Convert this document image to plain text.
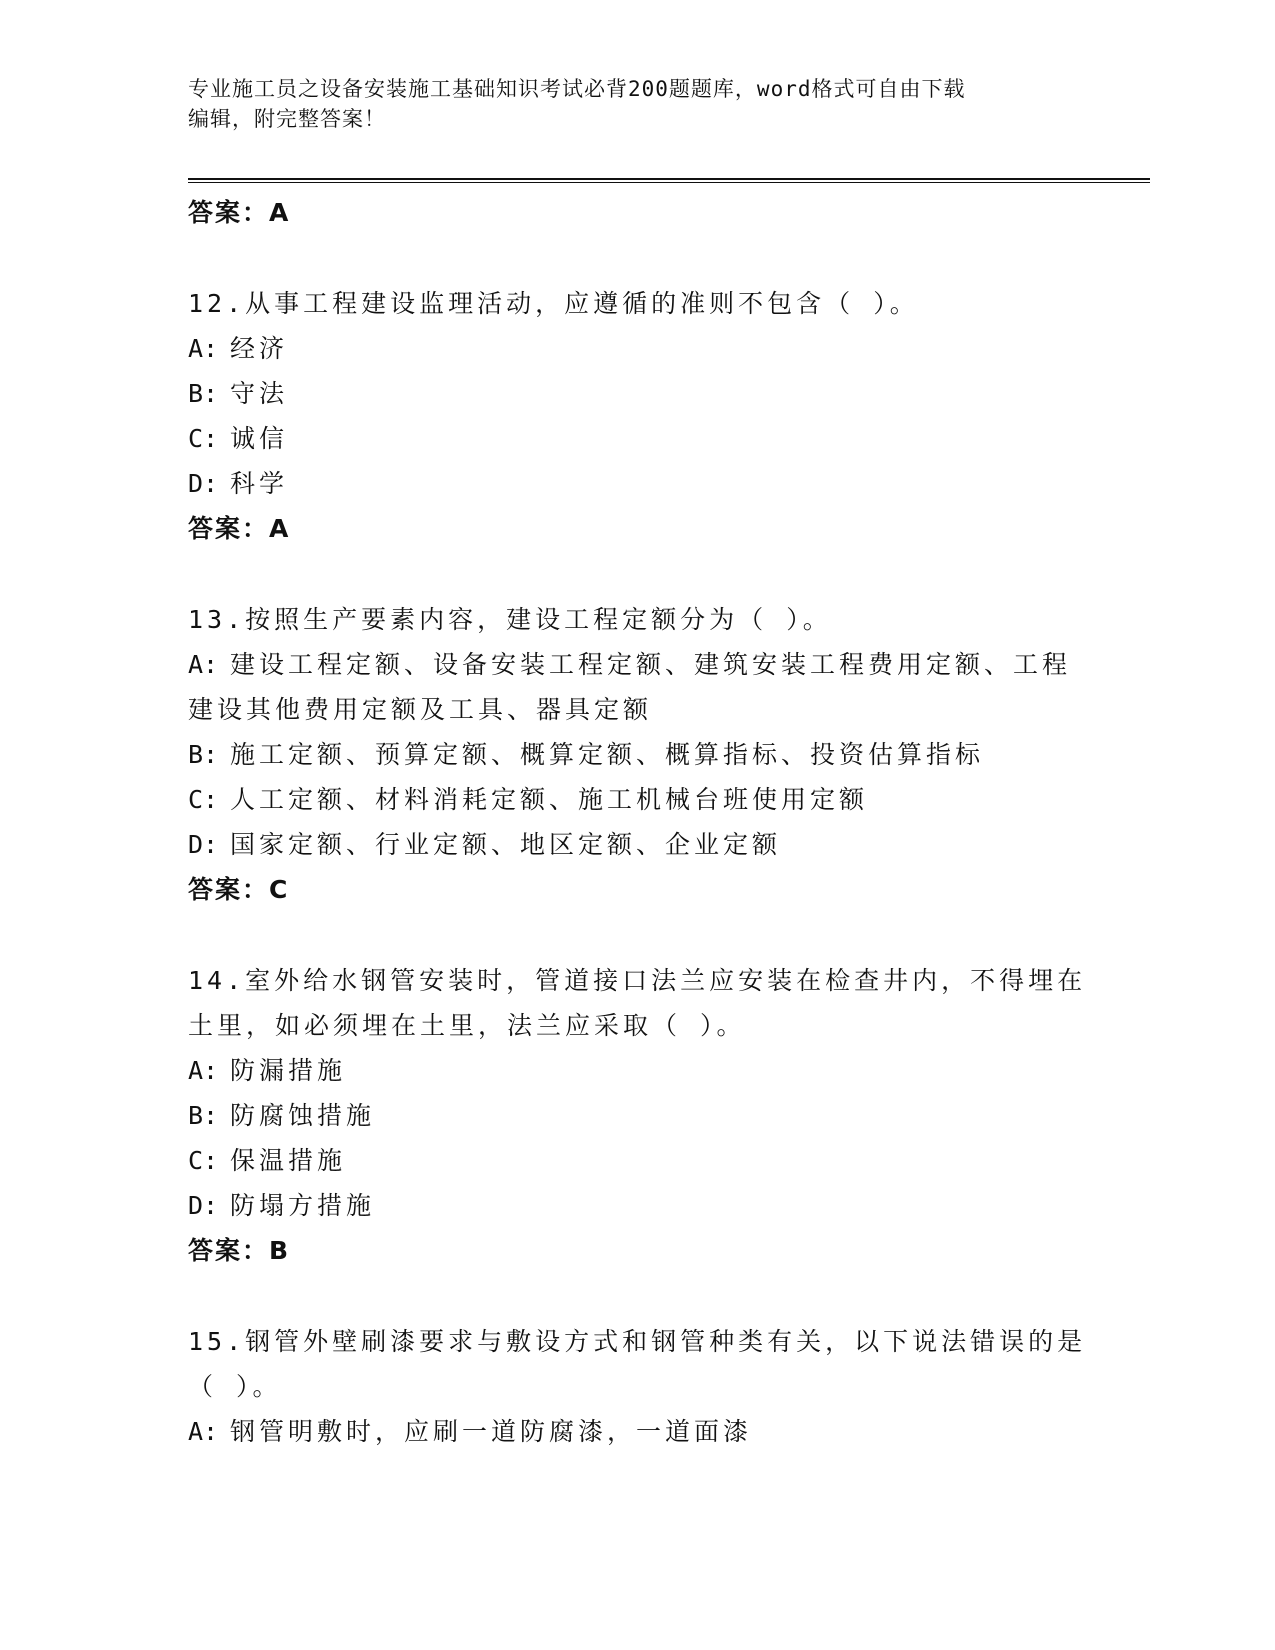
专业施工员之设备安装施工基础知识考试必背200题题库，word格式可自由下载
编辑，附完整答案！
答案：A
12.从事工程建设监理活动，应遵循的准则不包含（ ）。
A: 经济
B: 守法
C: 诚信
D: 科学
答案：A
13.按照生产要素内容，建设工程定额分为（ ）。
A: 建设工程定额、设备安装工程定额、建筑安装工程费用定额、工程
建设其他费用定额及工具、器具定额
B: 施工定额、预算定额、概算定额、概算指标、投资估算指标
C: 人工定额、材料消耗定额、施工机械台班使用定额
D: 国家定额、行业定额、地区定额、企业定额
答案：C
14.室外给水钢管安装时，管道接口法兰应安装在检查井内，不得埋在
土里，如必须埋在土里，法兰应采取（ ）。
A: 防漏措施
B: 防腐蚀措施
C: 保温措施
D: 防塌方措施
答案：B
15.钢管外壁刷漆要求与敷设方式和钢管种类有关，以下说法错误的是
（ ）。
A: 钢管明敷时，应刷一道防腐漆，一道面漆
